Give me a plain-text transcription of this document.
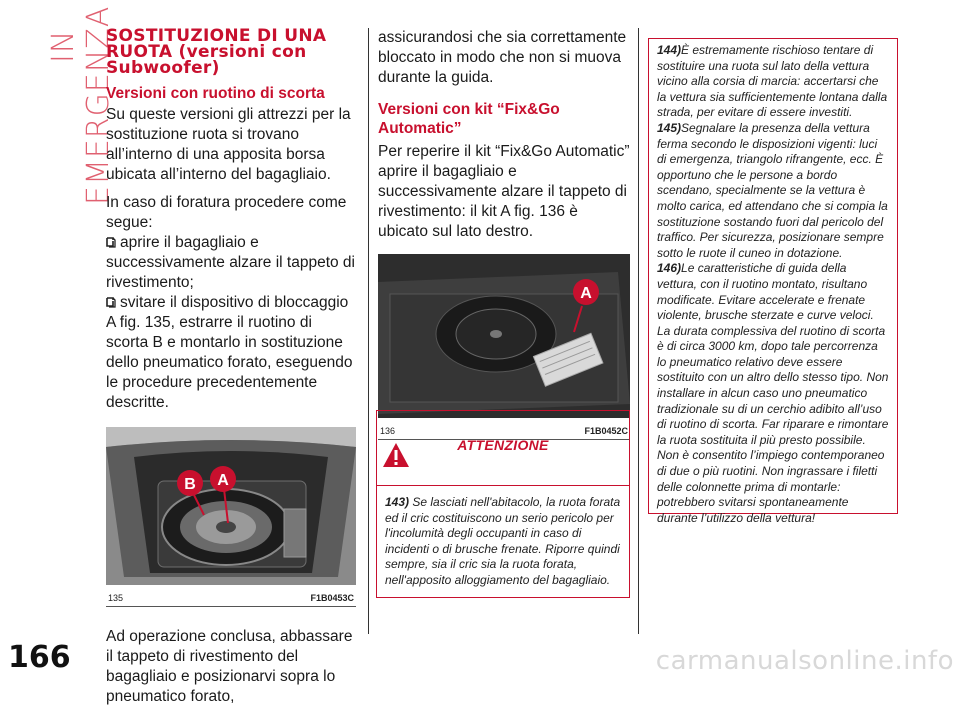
IN EMERGENZA
166
SOSTITUZIONE DI UNA RUOTA (versioni con Subwoofer)
Versioni con ruotino di scorta

Su queste versioni gli attrezzi per la sostituzione ruota si trovano all’interno di una apposita borsa ubicata all’interno del bagagliaio.

In caso di foratura procedere come segue:

aprire il bagagliaio e successivamente alzare il tappeto di rivestimento;

svitare il dispositivo di bloccaggio A fig. 135, estrarre il ruotino di scorta B e montarlo in sostituzione dello pneumatico forato, eseguendo le procedure precedentemente descritte.

B A
135	F1B0453C

Ad operazione conclusa, abbassare il tappeto di rivestimento del bagagliaio e posizionarvi sopra lo pneumatico forato,

assicurandosi che sia correttamente bloccato in modo che non si muova durante la guida.

Versioni con kit “Fix&Go Automatic”

Per reperire il kit “Fix&Go Automatic” aprire il bagagliaio e successivamente alzare il tappeto di rivestimento: il kit A fig. 136 è ubicato sul lato destro.

A
136	F1B0452C
ATTENZIONE
143) Se lasciati nell'abitacolo, la ruota forata ed il cric costituiscono un serio pericolo per l'incolumità degli occupanti in caso di incidenti o di brusche frenate. Riporre quindi sempre, sia il cric sia la ruota forata, nell'apposito alloggiamento del bagagliaio.

144)È estremamente rischioso tentare di sostituire una ruota sul lato della vettura vicino alla corsia di marcia: accertarsi che la vettura sia sufficientemente lontana dalla strada, per evitare di essere investiti.

145)Segnalare la presenza della vettura ferma secondo le disposizioni vigenti: luci di emergenza, triangolo rifrangente, ecc. È opportuno che le persone a bordo scendano, specialmente se la vettura è molto carica, ed attendano che si compia la sostituzione sostando fuori dal pericolo del traffico. Per sicurezza, posizionare sempre sotto le ruote il cuneo in dotazione.

146)Le caratteristiche di guida della vettura, con il ruotino montato, risultano modificate. Evitare accelerate e frenate violente, brusche sterzate e curve veloci. La durata complessiva del ruotino di scorta è di circa 3000 km, dopo tale percorrenza lo pneumatico relativo deve essere sostituito con un altro dello stesso tipo. Non installare in alcun caso uno pneumatico tradizionale su di un cerchio adibito all’uso di ruotino di scorta. Far riparare e rimontare la ruota sostituita il più presto possibile. Non è consentito l’impiego contemporaneo di due o più ruotini. Non ingrassare i filetti delle colonnette prima di montarle: potrebbero svitarsi spontaneamente durante l’utilizzo della vettura!

carmanualsonline.info
